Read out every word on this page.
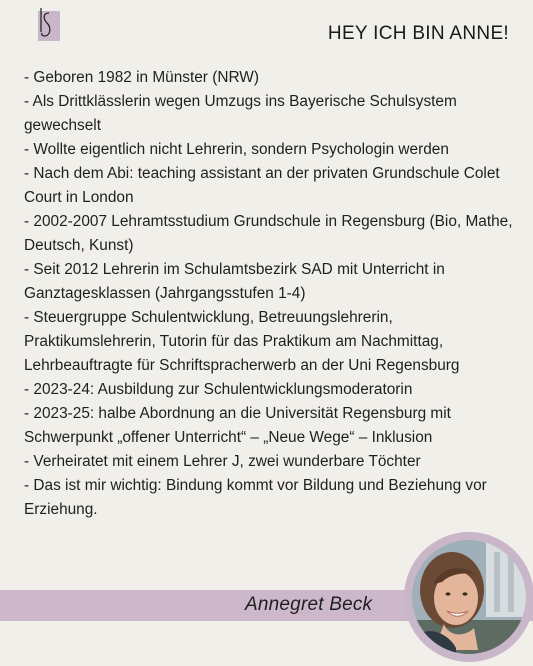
HEY ICH BIN ANNE!
- Geboren 1982 in Münster (NRW)
- Als Drittklässlerin wegen Umzugs ins Bayerische Schulsystem gewechselt
- Wollte eigentlich nicht Lehrerin, sondern Psychologin werden
- Nach dem Abi: teaching assistant an der privaten Grundschule Colet Court in London
- 2002-2007 Lehramtsstudium Grundschule in Regensburg (Bio, Mathe, Deutsch, Kunst)
- Seit 2012 Lehrerin im Schulamtsbezirk SAD mit Unterricht in Ganztagesklassen (Jahrgangsstufen 1-4)
- Steuergruppe Schulentwicklung, Betreuungslehrerin, Praktikumslehrerin, Tutorin für das Praktikum am Nachmittag, Lehrbeauftragte für Schriftspracherwerb an der Uni Regensburg
- 2023-24: Ausbildung zur Schulentwicklungsmoderatorin
- 2023-25: halbe Abordnung an die Universität Regensburg mit Schwerpunkt „offener Unterricht“ – „Neue Wege“ – Inklusion
- Verheiratet mit einem Lehrer J, zwei wunderbare Töchter
- Das ist mir wichtig: Bindung kommt vor Bildung und Beziehung vor Erziehung.
Annegret Beck
